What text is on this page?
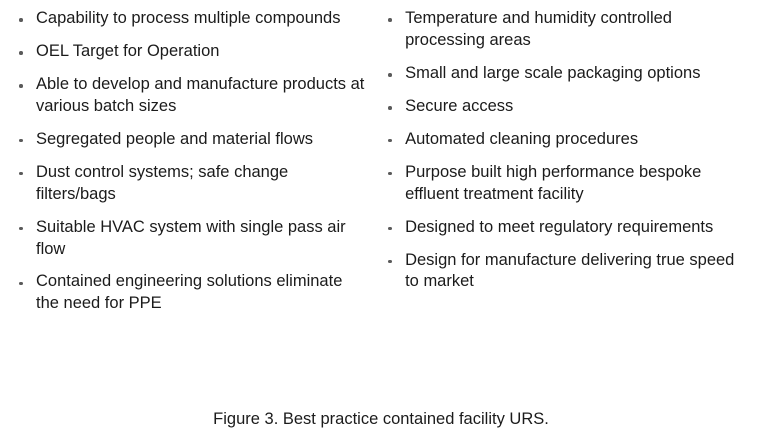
Capability to process multiple compounds
OEL Target for Operation
Able to develop and manufacture products at various batch sizes
Segregated people and material flows
Dust control systems; safe change filters/bags
Suitable HVAC system with single pass air flow
Contained engineering solutions eliminate the need for PPE
Temperature and humidity controlled processing areas
Small and large scale packaging options
Secure access
Automated cleaning procedures
Purpose built high performance bespoke effluent treatment facility
Designed to meet regulatory requirements
Design for manufacture delivering true speed to market
Figure 3. Best practice contained facility URS.
